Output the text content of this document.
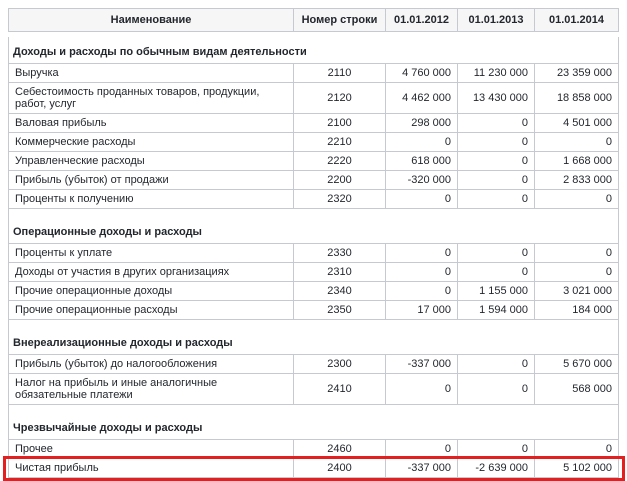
Наименование	Номер строки	01.01.2012	01.01.2013	01.01.2014

Доходы и расходы по обычным видам деятельности				
Выручка	2110	4 760 000	11 230 000	23 359 000
Себестоимость проданных товаров, продукции, работ, услуг	2120	4 462 000	13 430 000	18 858 000
Валовая прибыль	2100	298 000	0	4 501 000
Коммерческие расходы	2210	0	0	0
Управленческие расходы	2220	618 000	0	1 668 000
Прибыль (убыток) от продажи	2200	-320 000	0	2 833 000
Проценты к получению	2320	0	0	0

Операционные доходы и расходы				
Проценты к уплате	2330	0	0	0
Доходы от участия в других организациях	2310	0	0	0
Прочие операционные доходы	2340	0	1 155 000	3 021 000
Прочие операционные расходы	2350	17 000	1 594 000	184 000

Внереализационные доходы и расходы				
Прибыль (убыток) до налогообложения	2300	-337 000	0	5 670 000
Налог на прибыль и иные аналогичные обязательные платежи	2410	0	0	568 000

Чрезвычайные доходы и расходы				
Прочее	2460	0	0	0
Чистая прибыль	2400	-337 000	-2 639 000	5 102 000
